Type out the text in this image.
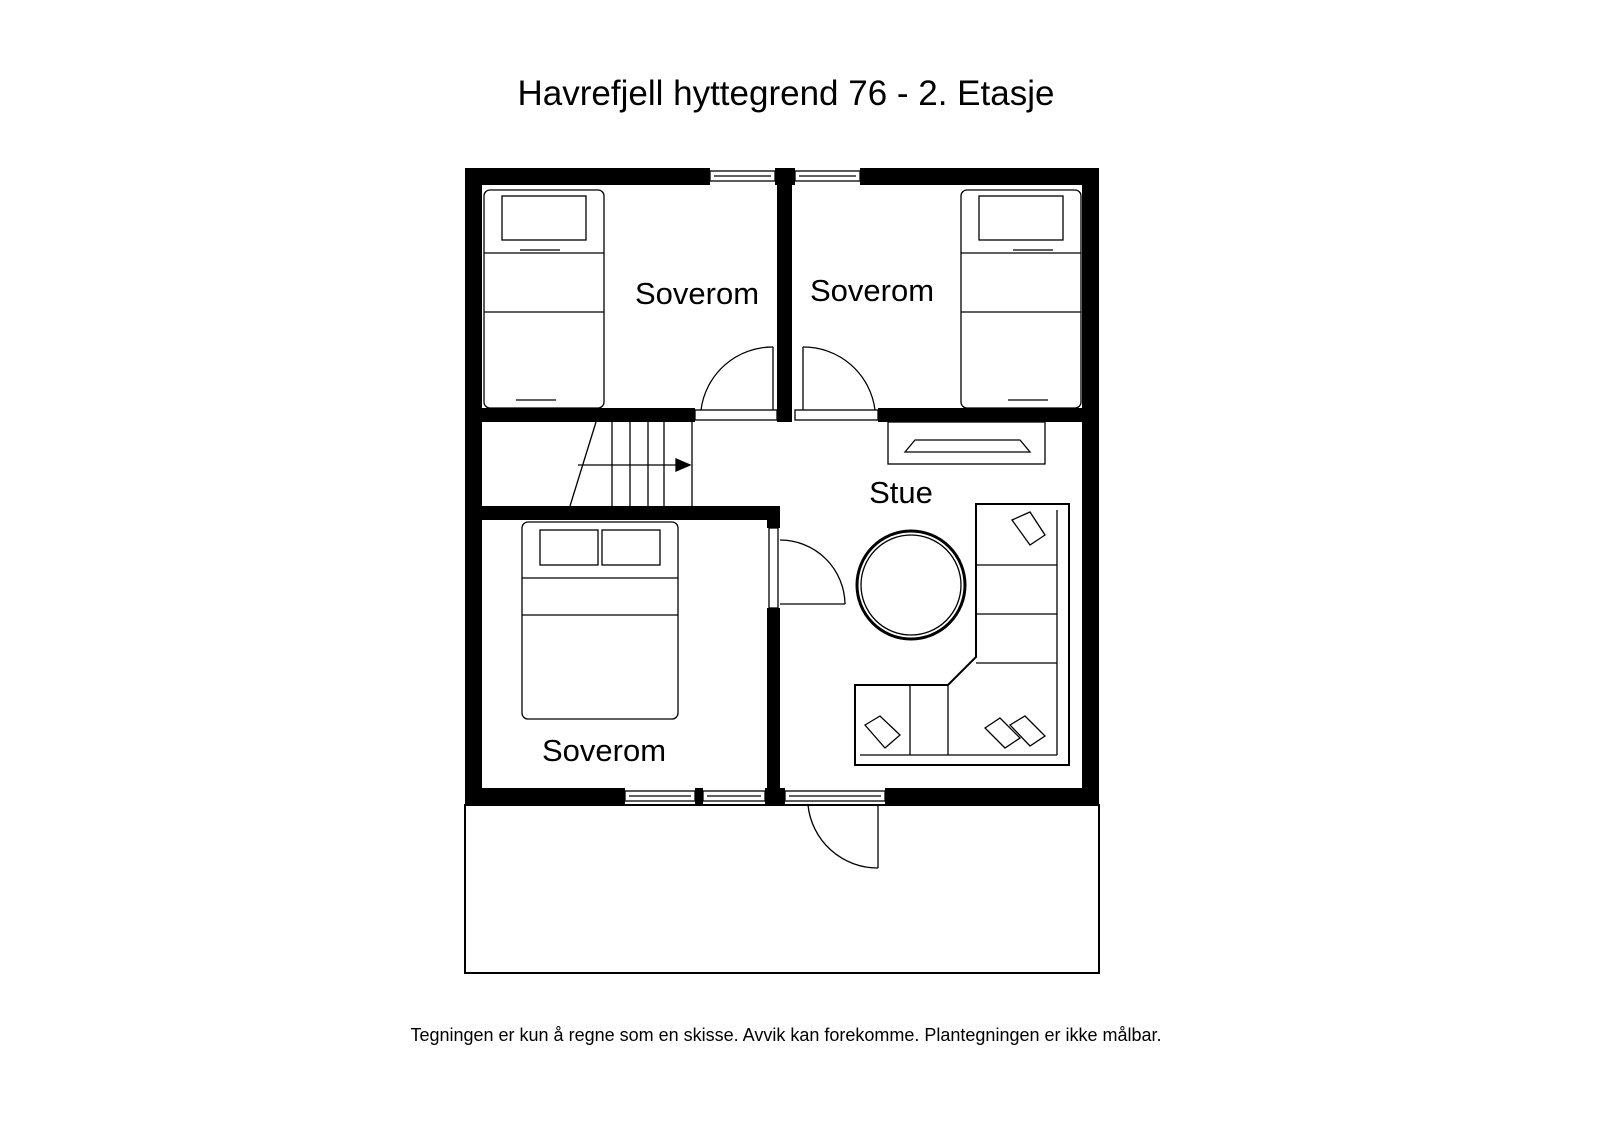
Havrefjell hyttegrend 76 - 2. Etasje
Soverom Soverom
Stue
Soverom
Tegningen er kun å regne som en skisse. Avvik kan forekomme. Plantegningen er ikke målbar.
